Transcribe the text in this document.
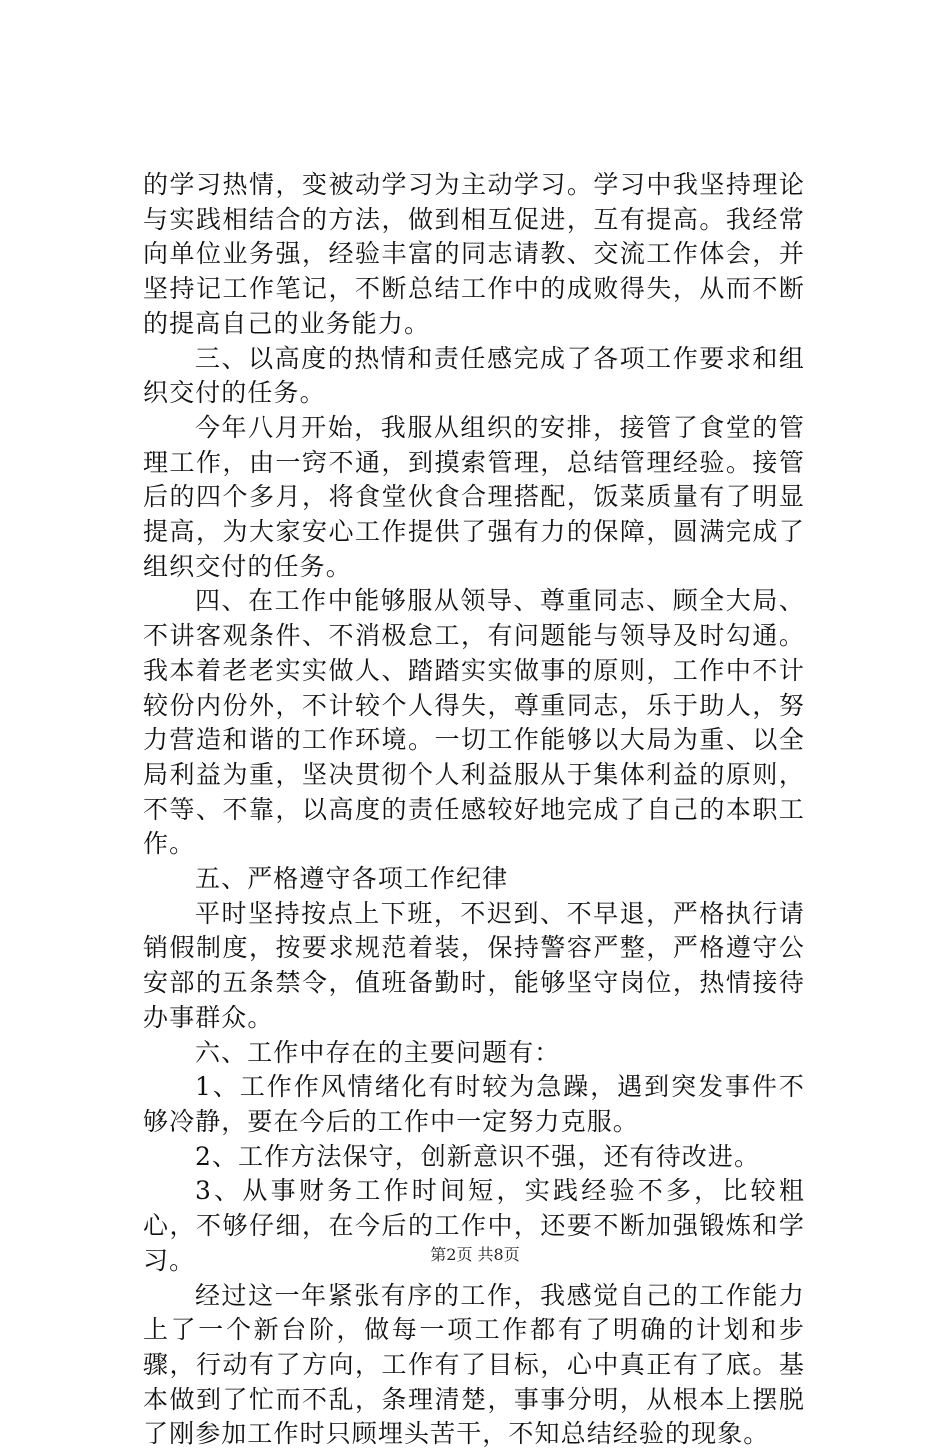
的学习热情，变被动学习为主动学习。学习中我坚持理论与实践相结合的方法，做到相互促进，互有提高。我经常向单位业务强，经验丰富的同志请教、交流工作体会，并坚持记工作笔记，不断总结工作中的成败得失，从而不断的提高自己的业务能力。

三、以高度的热情和责任感完成了各项工作要求和组织交付的任务。

今年八月开始，我服从组织的安排，接管了食堂的管理工作，由一窍不通，到摸索管理，总结管理经验。接管后的四个多月，将食堂伙食合理搭配，饭菜质量有了明显提高，为大家安心工作提供了强有力的保障，圆满完成了组织交付的任务。

四、在工作中能够服从领导、尊重同志、顾全大局、不讲客观条件、不消极怠工，有问题能与领导及时勾通。我本着老老实实做人、踏踏实实做事的原则，工作中不计较份内份外，不计较个人得失，尊重同志，乐于助人，努力营造和谐的工作环境。一切工作能够以大局为重、以全局利益为重，坚决贯彻个人利益服从于集体利益的原则，不等、不靠，以高度的责任感较好地完成了自己的本职工作。

五、严格遵守各项工作纪律

平时坚持按点上下班，不迟到、不早退，严格执行请销假制度，按要求规范着装，保持警容严整，严格遵守公安部的五条禁令，值班备勤时，能够坚守岗位，热情接待办事群众。

六、工作中存在的主要问题有：

1、工作作风情绪化有时较为急躁，遇到突发事件不够冷静，要在今后的工作中一定努力克服。

2、工作方法保守，创新意识不强，还有待改进。

3、从事财务工作时间短，实践经验不多，比较粗心，不够仔细，在今后的工作中，还要不断加强锻炼和学习。

经过这一年紧张有序的工作，我感觉自己的工作能力上了一个新台阶，做每一项工作都有了明确的计划和步骤，行动有了方向，工作有了目标，心中真正有了底。基本做到了忙而不乱，条理清楚，事事分明，从根本上摆脱了刚参加工作时只顾埋头苦干，不知总结经验的现象。

第2页 共8页
